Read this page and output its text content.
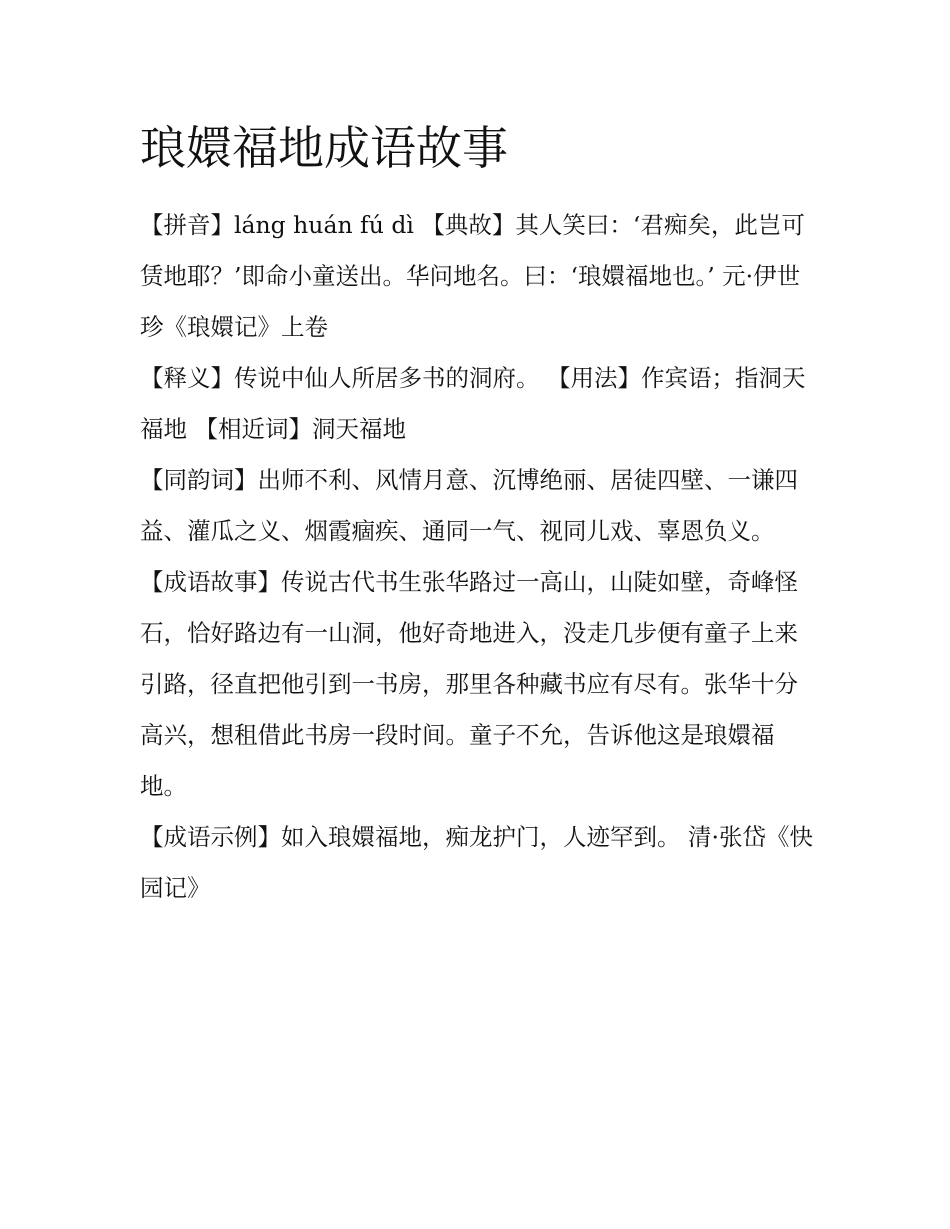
琅嬛福地成语故事

【拼音】láng huán fú dì 【典故】其人笑曰：‘君痴矣，此岂可赁地耶？’即命小童送出。华问地名。曰：‘琅嬛福地也。’ 元·伊世珍《琅嬛记》上卷

【释义】传说中仙人所居多书的洞府。 【用法】作宾语；指洞天福地 【相近词】洞天福地

【同韵词】出师不利、风情月意、沉博绝丽、居徒四壁、一谦四益、灌瓜之义、烟霞痼疾、通同一气、视同儿戏、辜恩负义。

【成语故事】传说古代书生张华路过一高山，山陡如壁，奇峰怪石，恰好路边有一山洞，他好奇地进入，没走几步便有童子上来引路，径直把他引到一书房，那里各种藏书应有尽有。张华十分高兴，想租借此书房一段时间。童子不允，告诉他这是琅嬛福地。

【成语示例】如入琅嬛福地，痴龙护门，人迹罕到。 清·张岱《快园记》
